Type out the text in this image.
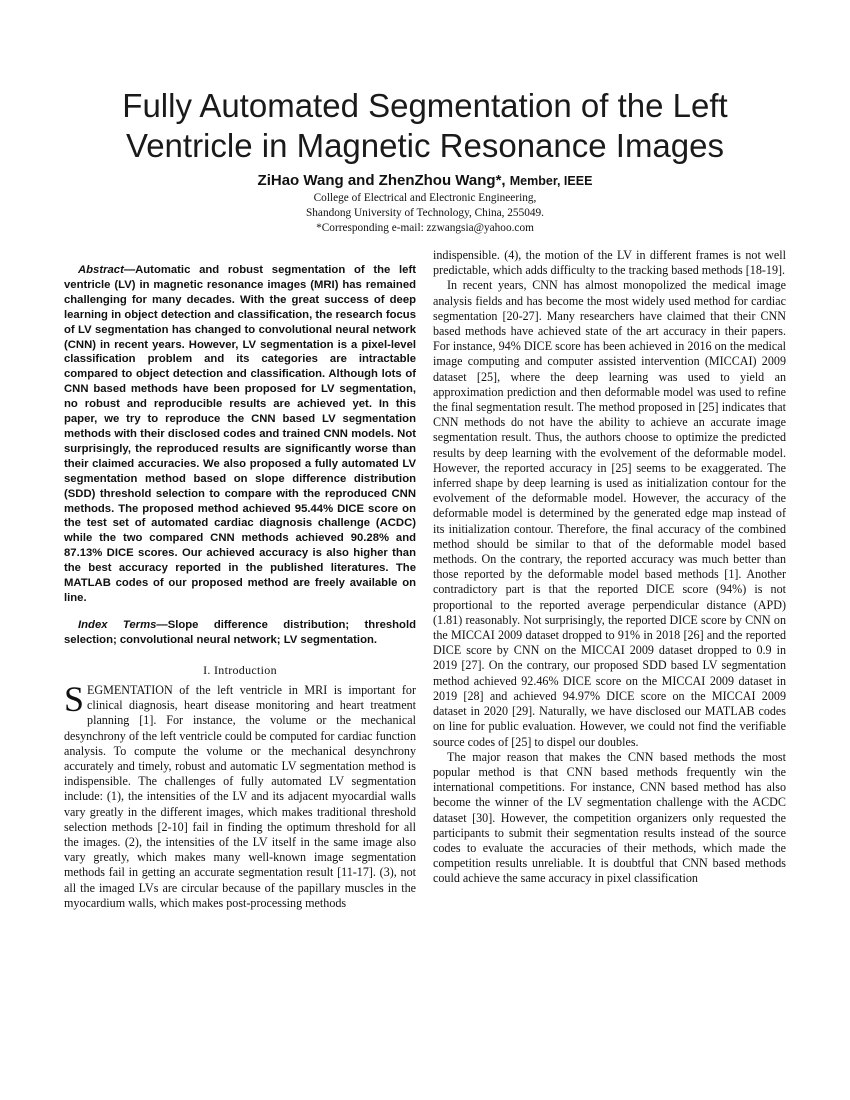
Fully Automated Segmentation of the Left Ventricle in Magnetic Resonance Images
ZiHao Wang and ZhenZhou Wang*, Member, IEEE
College of Electrical and Electronic Engineering,
Shandong University of Technology, China, 255049.
*Corresponding e-mail: zzwangsia@yahoo.com

Abstract—Automatic and robust segmentation of the left ventricle (LV) in magnetic resonance images (MRI) has remained challenging for many decades. With the great success of deep learning in object detection and classification, the research focus of LV segmentation has changed to convolutional neural network (CNN) in recent years. However, LV segmentation is a pixel-level classification problem and its categories are intractable compared to object detection and classification. Although lots of CNN based methods have been proposed for LV segmentation, no robust and reproducible results are achieved yet. In this paper, we try to reproduce the CNN based LV segmentation methods with their disclosed codes and trained CNN models. Not surprisingly, the reproduced results are significantly worse than their claimed accuracies. We also proposed a fully automated LV segmentation method based on slope difference distribution (SDD) threshold selection to compare with the reproduced CNN methods. The proposed method achieved 95.44% DICE score on the test set of automated cardiac diagnosis challenge (ACDC) while the two compared CNN methods achieved 90.28% and 87.13% DICE scores. Our achieved accuracy is also higher than the best accuracy reported in the published literatures. The MATLAB codes of our proposed method are freely available on line.

Index Terms—Slope difference distribution; threshold selection; convolutional neural network; LV segmentation.

I. Introduction

SEGMENTATION of the left ventricle in MRI is important for clinical diagnosis, heart disease monitoring and heart treatment planning [1]. For instance, the volume or the mechanical desynchrony of the left ventricle could be computed for cardiac function analysis. To compute the volume or the mechanical desynchrony accurately and timely, robust and automatic LV segmentation method is indispensible. The challenges of fully automated LV segmentation include: (1), the intensities of the LV and its adjacent myocardial walls vary greatly in the different images, which makes traditional threshold selection methods [2-10] fail in finding the optimum threshold for all the images. (2), the intensities of the LV itself in the same image also vary greatly, which makes many well-known image segmentation methods fail in getting an accurate segmentation result [11-17]. (3), not all the imaged LVs are circular because of the papillary muscles in the myocardium walls, which makes post-processing methods

indispensible. (4), the motion of the LV in different frames is not well predictable, which adds difficulty to the tracking based methods [18-19].

In recent years, CNN has almost monopolized the medical image analysis fields and has become the most widely used method for cardiac segmentation [20-27]. Many researchers have claimed that their CNN based methods have achieved state of the art accuracy in their papers. For instance, 94% DICE score has been achieved in 2016 on the medical image computing and computer assisted intervention (MICCAI) 2009 dataset [25], where the deep learning was used to yield an approximation prediction and then deformable model was used to refine the final segmentation result. The method proposed in [25] indicates that CNN methods do not have the ability to achieve an accurate image segmentation result. Thus, the authors choose to optimize the predicted results by deep learning with the evolvement of the deformable model. However, the reported accuracy in [25] seems to be exaggerated. The inferred shape by deep learning is used as initialization contour for the evolvement of the deformable model. However, the accuracy of the deformable model is determined by the generated edge map instead of its initialization contour. Therefore, the final accuracy of the combined method should be similar to that of the deformable model based methods. On the contrary, the reported accuracy was much better than those reported by the deformable model based methods [1]. Another contradictory part is that the reported DICE score (94%) is not proportional to the reported average perpendicular distance (APD) (1.81) reasonably. Not surprisingly, the reported DICE score by CNN on the MICCAI 2009 dataset dropped to 91% in 2018 [26] and the reported DICE score by CNN on the MICCAI 2009 dataset dropped to 0.9 in 2019 [27]. On the contrary, our proposed SDD based LV segmentation method achieved 92.46% DICE score on the MICCAI 2009 dataset in 2019 [28] and achieved 94.97% DICE score on the MICCAI 2009 dataset in 2020 [29]. Naturally, we have disclosed our MATLAB codes on line for public evaluation. However, we could not find the verifiable source codes of [25] to dispel our doubles.

The major reason that makes the CNN based methods the most popular method is that CNN based methods frequently win the international competitions. For instance, CNN based method has also become the winner of the LV segmentation challenge with the ACDC dataset [30]. However, the competition organizers only requested the participants to submit their segmentation results instead of the source codes to evaluate the accuracies of their methods, which made the competition results unreliable. It is doubtful that CNN based methods could achieve the same accuracy in pixel classification
